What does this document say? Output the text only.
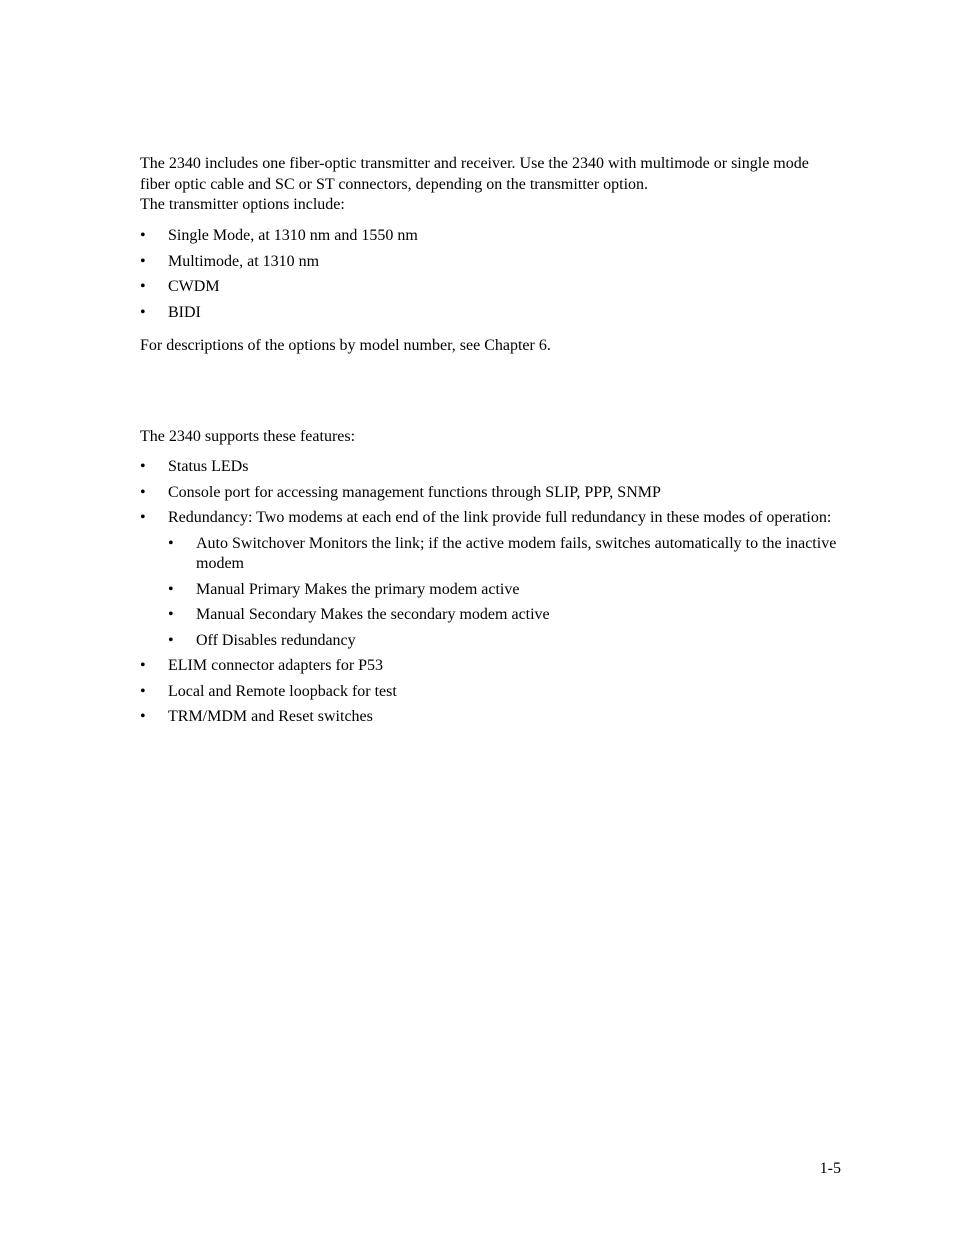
The 2340 includes one fiber-optic transmitter and receiver. Use the 2340 with multimode or single mode fiber optic cable and SC or ST connectors, depending on the transmitter option.
The transmitter options include:

•	Single Mode, at 1310 nm and 1550 nm
•	Multimode, at 1310 nm
•	CWDM
•	BIDI

For descriptions of the options by model number, see Chapter 6.

The 2340 supports these features:

•	Status LEDs
•	Console port for accessing management functions through SLIP, PPP, SNMP
•	Redundancy: Two modems at each end of the link provide full redundancy in these modes of operation:
•	Auto Switchover Monitors the link; if the active modem fails, switches automatically to the inactive modem
•	Manual Primary Makes the primary modem active
•	Manual Secondary Makes the secondary modem active
•	Off Disables redundancy
•	ELIM connector adapters for P53
•	Local and Remote loopback for test
•	TRM/MDM and Reset switches
1-5
